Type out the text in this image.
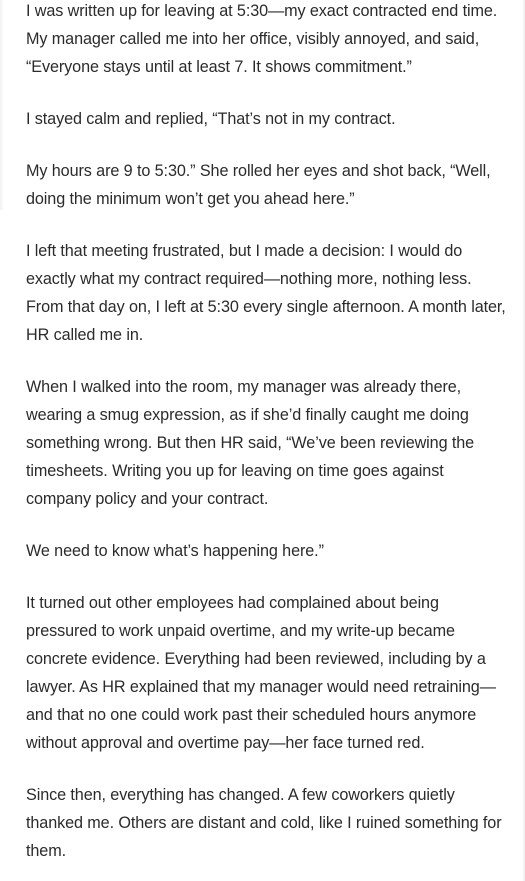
I was written up for leaving at 5:30—my exact contracted end time. My manager called me into her office, visibly annoyed, and said, “Everyone stays until at least 7. It shows commitment.”

I stayed calm and replied, “That’s not in my contract.

My hours are 9 to 5:30.” She rolled her eyes and shot back, “Well, doing the minimum won’t get you ahead here.”

I left that meeting frustrated, but I made a decision: I would do exactly what my contract required—nothing more, nothing less. From that day on, I left at 5:30 every single afternoon. A month later, HR called me in.

When I walked into the room, my manager was already there, wearing a smug expression, as if she’d finally caught me doing something wrong. But then HR said, “We’ve been reviewing the timesheets. Writing you up for leaving on time goes against company policy and your contract.

We need to know what’s happening here.”

It turned out other employees had complained about being pressured to work unpaid overtime, and my write-up became concrete evidence. Everything had been reviewed, including by a lawyer. As HR explained that my manager would need retraining—and that no one could work past their scheduled hours anymore without approval and overtime pay—her face turned red.

Since then, everything has changed. A few coworkers quietly thanked me. Others are distant and cold, like I ruined something for them.
